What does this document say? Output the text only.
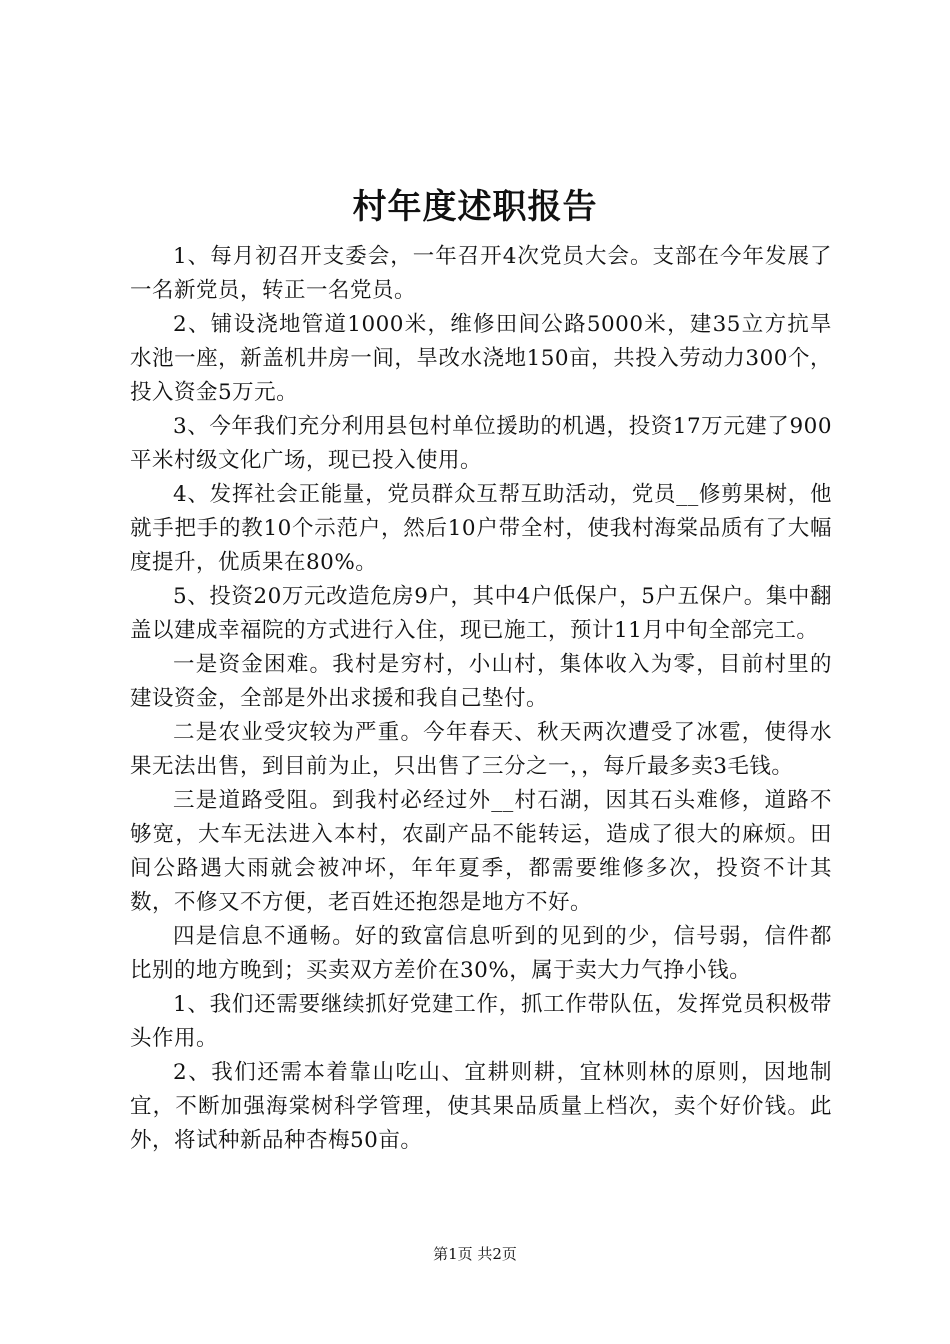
村年度述职报告

1、每月初召开支委会，一年召开4次党员大会。支部在今年发展了一名新党员，转正一名党员。

2、铺设浇地管道1000米，维修田间公路5000米，建35立方抗旱水池一座，新盖机井房一间，旱改水浇地150亩，共投入劳动力300个，投入资金5万元。

3、今年我们充分利用县包村单位援助的机遇，投资17万元建了900平米村级文化广场，现已投入使用。

4、发挥社会正能量，党员群众互帮互助活动，党员__修剪果树，他就手把手的教10个示范户，然后10户带全村，使我村海棠品质有了大幅度提升，优质果在80%。

5、投资20万元改造危房9户，其中4户低保户，5户五保户。集中翻盖以建成幸福院的方式进行入住，现已施工，预计11月中旬全部完工。

一是资金困难。我村是穷村，小山村，集体收入为零，目前村里的建设资金，全部是外出求援和我自己垫付。

二是农业受灾较为严重。今年春天、秋天两次遭受了冰雹，使得水果无法出售，到目前为止，只出售了三分之一，，每斤最多卖3毛钱。

三是道路受阻。到我村必经过外__村石湖，因其石头难修，道路不够宽，大车无法进入本村，农副产品不能转运，造成了很大的麻烦。田间公路遇大雨就会被冲坏，年年夏季，都需要维修多次，投资不计其数，不修又不方便，老百姓还抱怨是地方不好。

四是信息不通畅。好的致富信息听到的见到的少，信号弱，信件都比别的地方晚到；买卖双方差价在30%，属于卖大力气挣小钱。

1、我们还需要继续抓好党建工作，抓工作带队伍，发挥党员积极带头作用。

2、我们还需本着靠山吃山、宜耕则耕，宜林则林的原则，因地制宜，不断加强海棠树科学管理，使其果品质量上档次，卖个好价钱。此外，将试种新品种杏梅50亩。

第1页 共2页
